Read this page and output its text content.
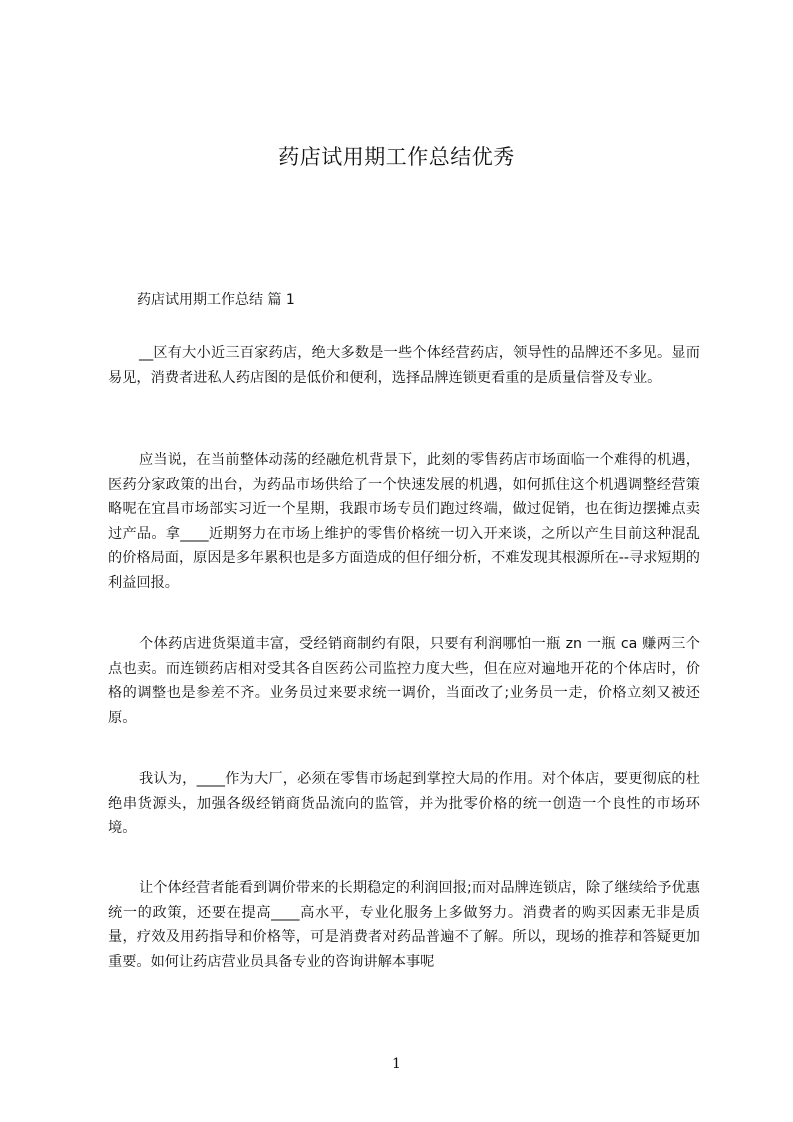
药店试用期工作总结优秀
药店试用期工作总结 篇 1

__区有大小近三百家药店，绝大多数是一些个体经营药店，领导性的品牌还不多见。显而易见，消费者进私人药店图的是低价和便利，选择品牌连锁更看重的是质量信誉及专业。

应当说，在当前整体动荡的经融危机背景下，此刻的零售药店市场面临一个难得的机遇，医药分家政策的出台，为药品市场供给了一个快速发展的机遇，如何抓住这个机遇调整经营策略呢在宜昌市场部实习近一个星期，我跟市场专员们跑过终端，做过促销，也在街边摆摊点卖过产品。拿____近期努力在市场上维护的零售价格统一切入开来谈，之所以产生目前这种混乱的价格局面，原因是多年累积也是多方面造成的但仔细分析，不难发现其根源所在--寻求短期的利益回报。

个体药店进货渠道丰富，受经销商制约有限，只要有利润哪怕一瓶 zn 一瓶 ca 赚两三个点也卖。而连锁药店相对受其各自医药公司监控力度大些，但在应对遍地开花的个体店时，价格的调整也是参差不齐。业务员过来要求统一调价，当面改了;业务员一走，价格立刻又被还原。

我认为，____作为大厂，必须在零售市场起到掌控大局的作用。对个体店，要更彻底的杜绝串货源头，加强各级经销商货品流向的监管，并为批零价格的统一创造一个良性的市场环境。

让个体经营者能看到调价带来的长期稳定的利润回报;而对品牌连锁店，除了继续给予优惠统一的政策，还要在提高____高水平，专业化服务上多做努力。消费者的购买因素无非是质量，疗效及用药指导和价格等，可是消费者对药品普遍不了解。所以，现场的推荐和答疑更加重要。如何让药店营业员具备专业的咨询讲解本事呢

1
